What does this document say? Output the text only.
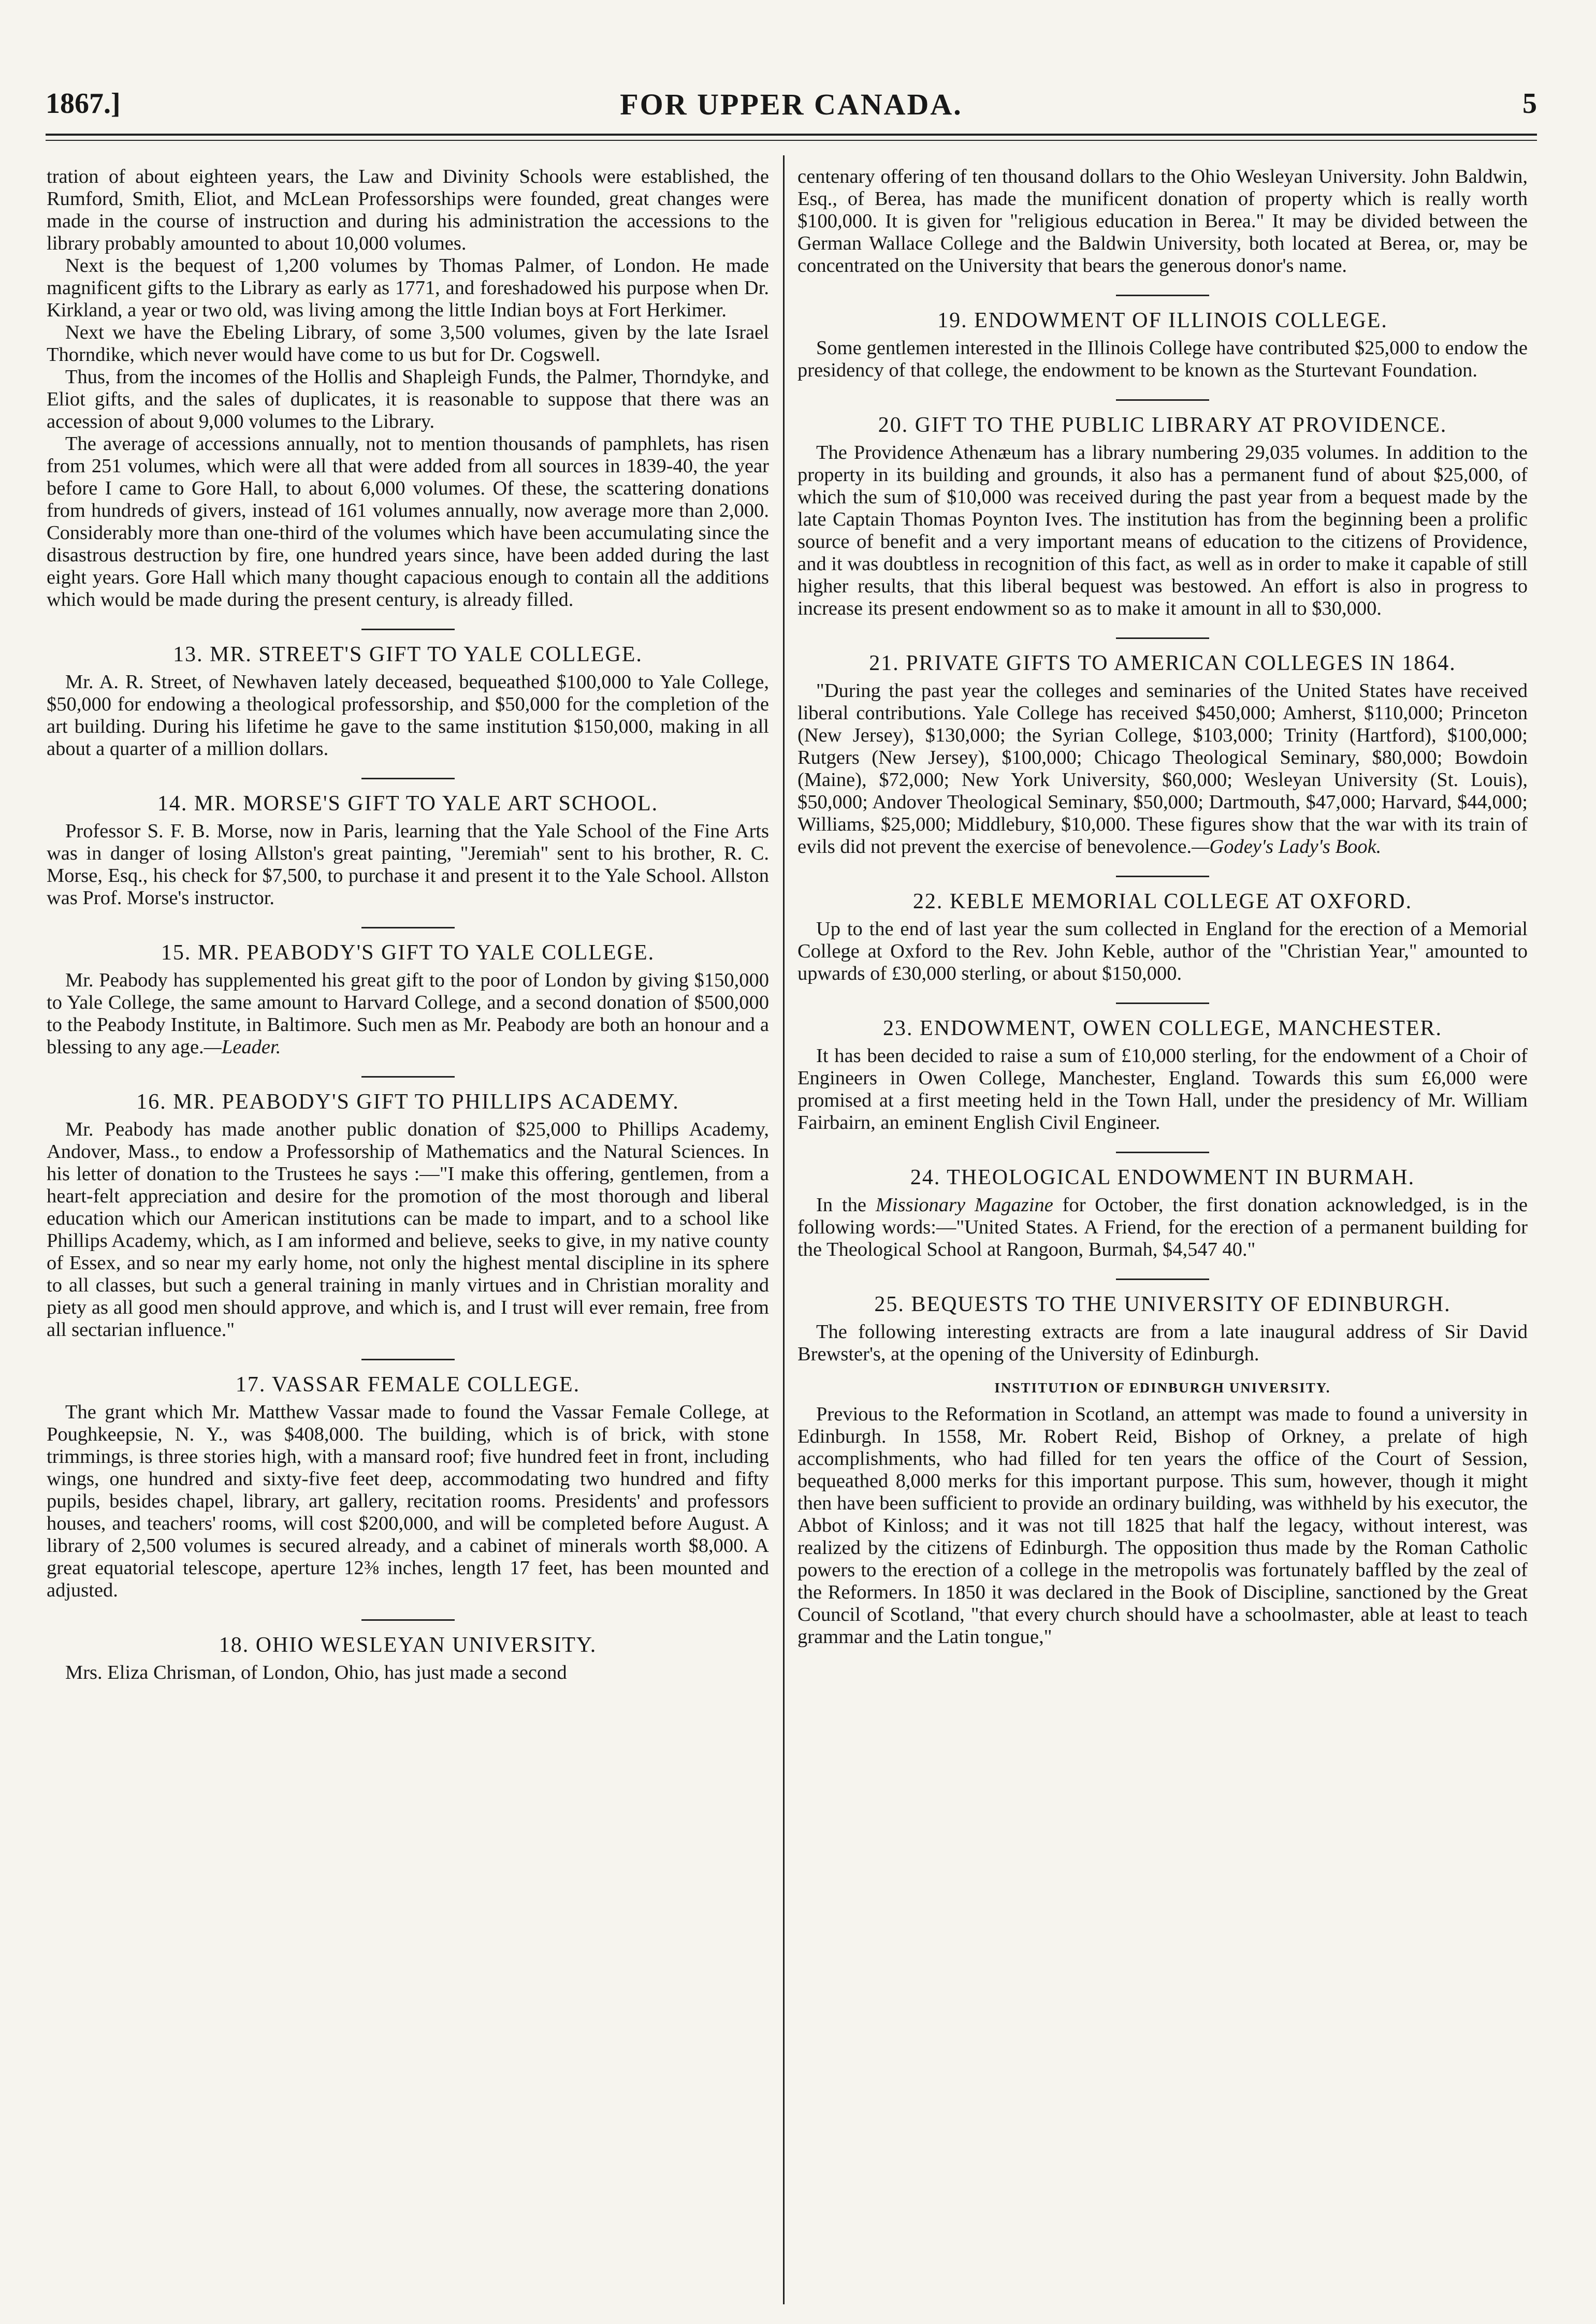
1867.]	FOR UPPER CANADA.	5

tration of about eighteen years, the Law and Divinity Schools were established, the Rumford, Smith, Eliot, and McLean Professorships were founded, great changes were made in the course of instruction and during his administration the accessions to the library probably amounted to about 10,000 volumes.

Next is the bequest of 1,200 volumes by Thomas Palmer, of London. He made magnificent gifts to the Library as early as 1771, and foreshadowed his purpose when Dr. Kirkland, a year or two old, was living among the little Indian boys at Fort Herkimer.

Next we have the Ebeling Library, of some 3,500 volumes, given by the late Israel Thorndike, which never would have come to us but for Dr. Cogswell.

Thus, from the incomes of the Hollis and Shapleigh Funds, the Palmer, Thorndyke, and Eliot gifts, and the sales of duplicates, it is reasonable to suppose that there was an accession of about 9,000 volumes to the Library.

The average of accessions annually, not to mention thousands of pamphlets, has risen from 251 volumes, which were all that were added from all sources in 1839-40, the year before I came to Gore Hall, to about 6,000 volumes. Of these, the scattering donations from hundreds of givers, instead of 161 volumes annually, now average more than 2,000. Considerably more than one-third of the volumes which have been accumulating since the disastrous destruction by fire, one hundred years since, have been added during the last eight years. Gore Hall which many thought capacious enough to contain all the additions which would be made during the present century, is already filled.

13. MR. STREET'S GIFT TO YALE COLLEGE.

Mr. A. R. Street, of Newhaven lately deceased, bequeathed $100,000 to Yale College, $50,000 for endowing a theological professorship, and $50,000 for the completion of the art building. During his lifetime he gave to the same institution $150,000, making in all about a quarter of a million dollars.

14. MR. MORSE'S GIFT TO YALE ART SCHOOL.

Professor S. F. B. Morse, now in Paris, learning that the Yale School of the Fine Arts was in danger of losing Allston's great painting, "Jeremiah" sent to his brother, R. C. Morse, Esq., his check for $7,500, to purchase it and present it to the Yale School. Allston was Prof. Morse's instructor.

15. MR. PEABODY'S GIFT TO YALE COLLEGE.

Mr. Peabody has supplemented his great gift to the poor of London by giving $150,000 to Yale College, the same amount to Harvard College, and a second donation of $500,000 to the Peabody Institute, in Baltimore. Such men as Mr. Peabody are both an honour and a blessing to any age.—Leader.

16. MR. PEABODY'S GIFT TO PHILLIPS ACADEMY.

Mr. Peabody has made another public donation of $25,000 to Phillips Academy, Andover, Mass., to endow a Professorship of Mathematics and the Natural Sciences. In his letter of donation to the Trustees he says :—"I make this offering, gentlemen, from a heart-felt appreciation and desire for the promotion of the most thorough and liberal education which our American institutions can be made to impart, and to a school like Phillips Academy, which, as I am informed and believe, seeks to give, in my native county of Essex, and so near my early home, not only the highest mental discipline in its sphere to all classes, but such a general training in manly virtues and in Christian morality and piety as all good men should approve, and which is, and I trust will ever remain, free from all sectarian influence."

17. VASSAR FEMALE COLLEGE.

The grant which Mr. Matthew Vassar made to found the Vassar Female College, at Poughkeepsie, N. Y., was $408,000. The building, which is of brick, with stone trimmings, is three stories high, with a mansard roof; five hundred feet in front, including wings, one hundred and sixty-five feet deep, accommodating two hundred and fifty pupils, besides chapel, library, art gallery, recitation rooms. Presidents' and professors houses, and teachers' rooms, will cost $200,000, and will be completed before August. A library of 2,500 volumes is secured already, and a cabinet of minerals worth $8,000. A great equatorial telescope, aperture 12⅜ inches, length 17 feet, has been mounted and adjusted.

18. OHIO WESLEYAN UNIVERSITY.

Mrs. Eliza Chrisman, of London, Ohio, has just made a second

centenary offering of ten thousand dollars to the Ohio Wesleyan University. John Baldwin, Esq., of Berea, has made the munificent donation of property which is really worth $100,000. It is given for "religious education in Berea." It may be divided between the German Wallace College and the Baldwin University, both located at Berea, or, may be concentrated on the University that bears the generous donor's name.

19. ENDOWMENT OF ILLINOIS COLLEGE.

Some gentlemen interested in the Illinois College have contributed $25,000 to endow the presidency of that college, the endowment to be known as the Sturtevant Foundation.

20. GIFT TO THE PUBLIC LIBRARY AT PROVIDENCE.

The Providence Athenæum has a library numbering 29,035 volumes. In addition to the property in its building and grounds, it also has a permanent fund of about $25,000, of which the sum of $10,000 was received during the past year from a bequest made by the late Captain Thomas Poynton Ives. The institution has from the beginning been a prolific source of benefit and a very important means of education to the citizens of Providence, and it was doubtless in recognition of this fact, as well as in order to make it capable of still higher results, that this liberal bequest was bestowed. An effort is also in progress to increase its present endowment so as to make it amount in all to $30,000.

21. PRIVATE GIFTS TO AMERICAN COLLEGES IN 1864.

"During the past year the colleges and seminaries of the United States have received liberal contributions. Yale College has received $450,000; Amherst, $110,000; Princeton (New Jersey), $130,000; the Syrian College, $103,000; Trinity (Hartford), $100,000; Rutgers (New Jersey), $100,000; Chicago Theological Seminary, $80,000; Bowdoin (Maine), $72,000; New York University, $60,000; Wesleyan University (St. Louis), $50,000; Andover Theological Seminary, $50,000; Dartmouth, $47,000; Harvard, $44,000; Williams, $25,000; Middlebury, $10,000. These figures show that the war with its train of evils did not prevent the exercise of benevolence.—Godey's Lady's Book.

22. KEBLE MEMORIAL COLLEGE AT OXFORD.

Up to the end of last year the sum collected in England for the erection of a Memorial College at Oxford to the Rev. John Keble, author of the "Christian Year," amounted to upwards of £30,000 sterling, or about $150,000.

23. ENDOWMENT, OWEN COLLEGE, MANCHESTER.

It has been decided to raise a sum of £10,000 sterling, for the endowment of a Choir of Engineers in Owen College, Manchester, England. Towards this sum £6,000 were promised at a first meeting held in the Town Hall, under the presidency of Mr. William Fairbairn, an eminent English Civil Engineer.

24. THEOLOGICAL ENDOWMENT IN BURMAH.

In the Missionary Magazine for October, the first donation acknowledged, is in the following words:—"United States. A Friend, for the erection of a permanent building for the Theological School at Rangoon, Burmah, $4,547 40."

25. BEQUESTS TO THE UNIVERSITY OF EDINBURGH.

The following interesting extracts are from a late inaugural address of Sir David Brewster's, at the opening of the University of Edinburgh.

INSTITUTION OF EDINBURGH UNIVERSITY.

Previous to the Reformation in Scotland, an attempt was made to found a university in Edinburgh. In 1558, Mr. Robert Reid, Bishop of Orkney, a prelate of high accomplishments, who had filled for ten years the office of the Court of Session, bequeathed 8,000 merks for this important purpose. This sum, however, though it might then have been sufficient to provide an ordinary building, was withheld by his executor, the Abbot of Kinloss; and it was not till 1825 that half the legacy, without interest, was realized by the citizens of Edinburgh. The opposition thus made by the Roman Catholic powers to the erection of a college in the metropolis was fortunately baffled by the zeal of the Reformers. In 1850 it was declared in the Book of Discipline, sanctioned by the Great Council of Scotland, "that every church should have a schoolmaster, able at least to teach grammar and the Latin tongue,"
